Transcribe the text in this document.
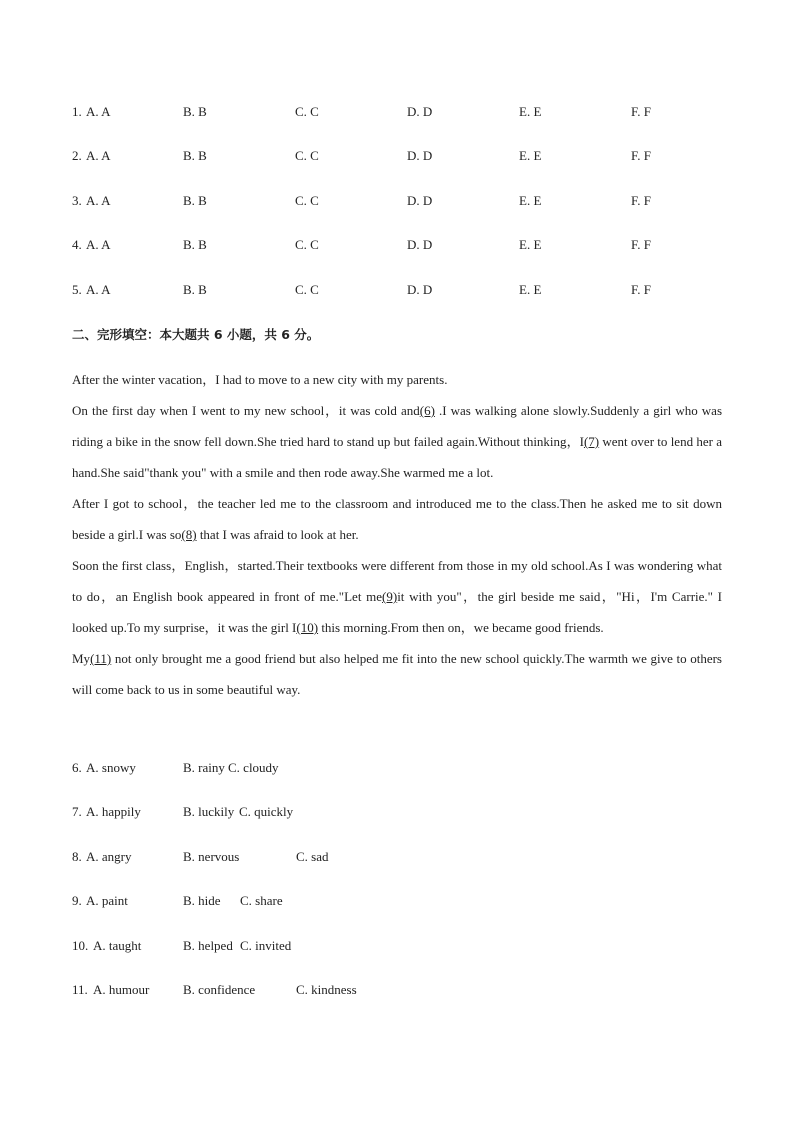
1. A. A	B. B	C. C	D. D	E. E	F. F
2. A. A	B. B	C. C	D. D	E. E	F. F
3. A. A	B. B	C. C	D. D	E. E	F. F
4. A. A	B. B	C. C	D. D	E. E	F. F
5. A. A	B. B	C. C	D. D	E. E	F. F
二、完形填空：本大题共 6 小题，共 6 分。

After the winter vacation，I had to move to a new city with my parents.

On the first day when I went to my new school，it was cold and(6) .I was walking alone slowly.Suddenly a girl who was riding a bike in the snow fell down.She tried hard to stand up but failed again.Without thinking，I(7) went over to lend her a hand.She said"thank you" with a smile and then rode away.She warmed me a lot.

After I got to school，the teacher led me to the classroom and introduced me to the class.Then he asked me to sit down beside a girl.I was so(8) that I was afraid to look at her.

Soon the first class，English，started.Their textbooks were different from those in my old school.As I was wondering what to do，an English book appeared in front of me."Let me(9)it with you"，the girl beside me said，"Hi，I'm Carrie." I looked up.To my surprise，it was the girl I(10) this morning.From then on，we became good friends.

My(11) not only brought me a good friend but also helped me fit into the new school quickly.The warmth we give to others will come back to us in some beautiful way.

6. A. snowy	B. rainy C. cloudy
7. A. happily	B. luckily C. quickly
8. A. angry	B. nervous	C. sad
9. A. paint	B. hide C. share
10. A. taught	B. helped C. invited
11. A. humour	B. confidence	C. kindness
